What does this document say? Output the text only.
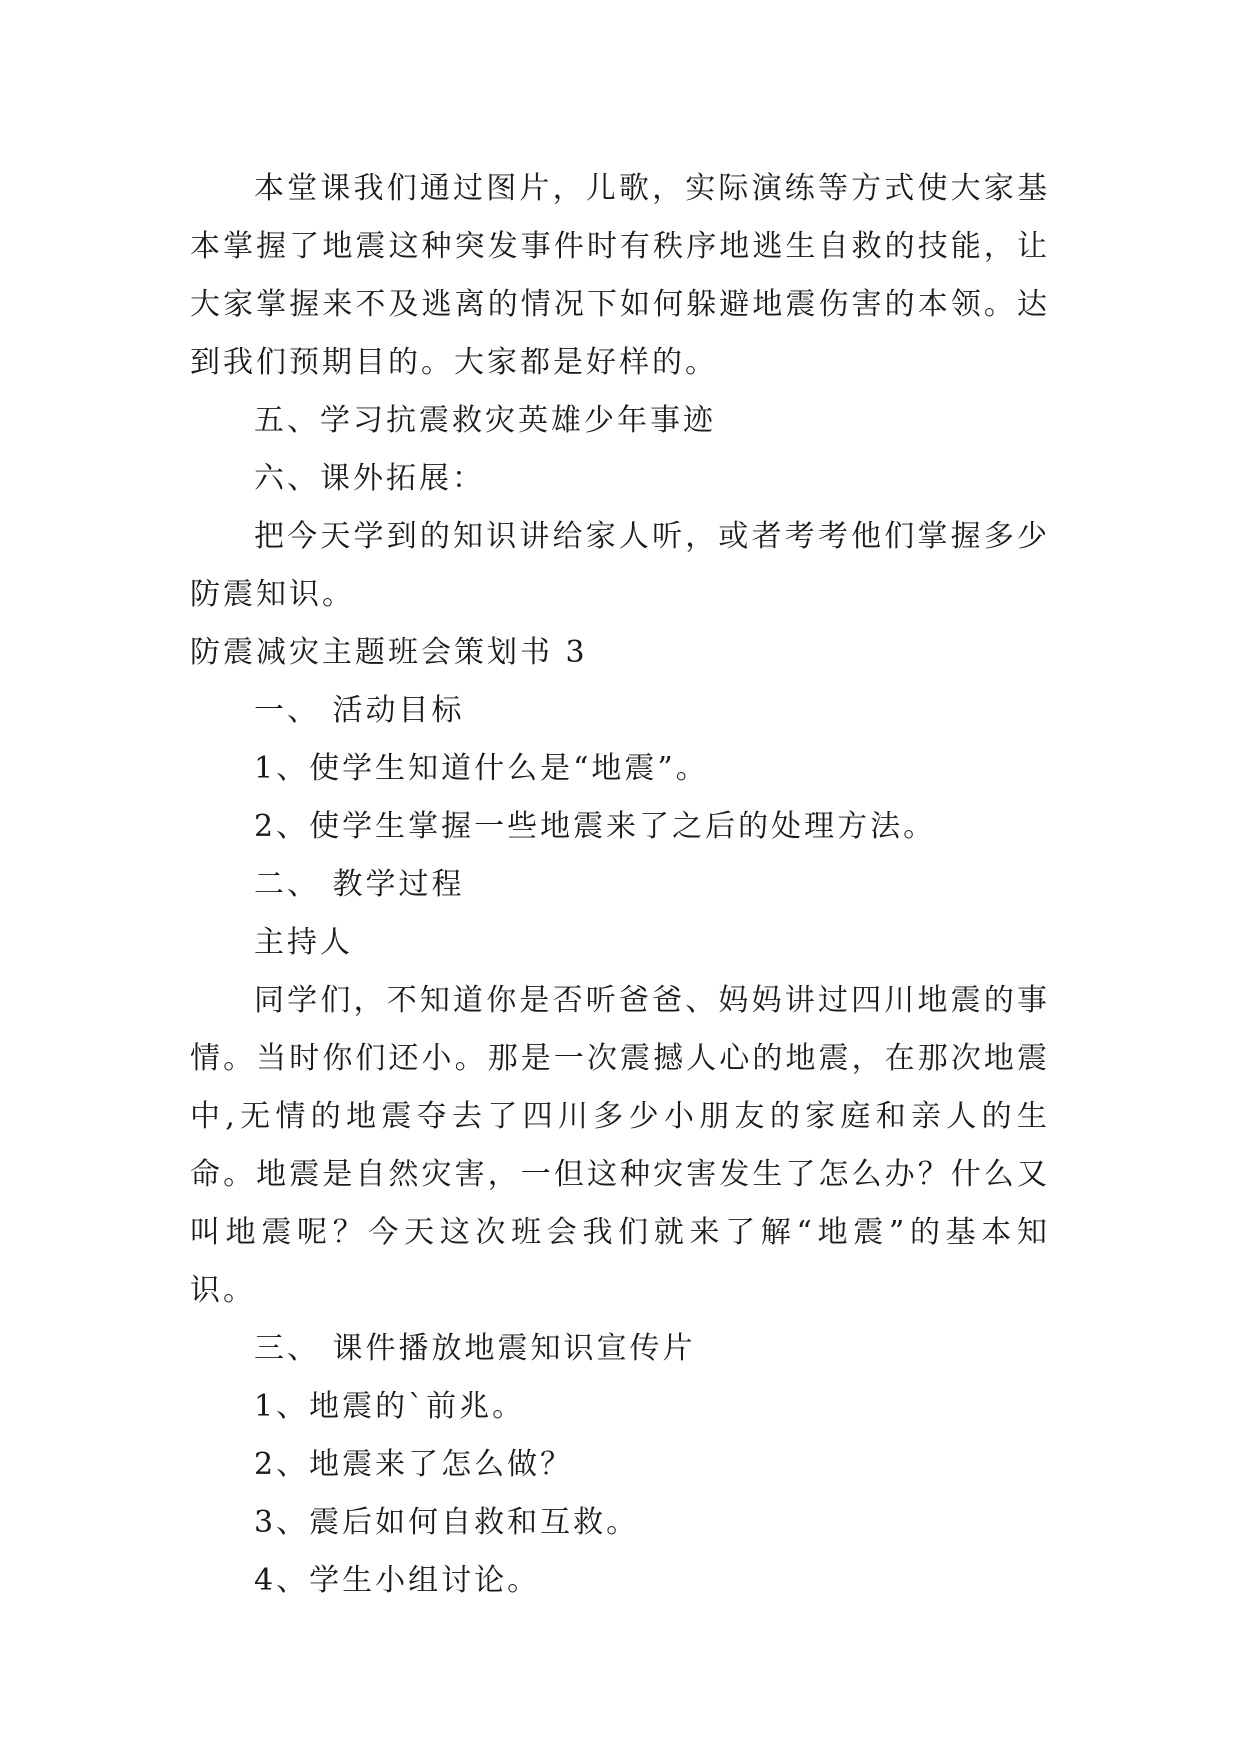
本堂课我们通过图片，儿歌，实际演练等方式使大家基本掌握了地震这种突发事件时有秩序地逃生自救的技能，让大家掌握来不及逃离的情况下如何躲避地震伤害的本领。达到我们预期目的。大家都是好样的。

五、学习抗震救灾英雄少年事迹

六、课外拓展：

把今天学到的知识讲给家人听，或者考考他们掌握多少防震知识。

防震减灾主题班会策划书 3

一、 活动目标

1、使学生知道什么是“地震”。

2、使学生掌握一些地震来了之后的处理方法。

二、 教学过程

主持人

同学们，不知道你是否听爸爸、妈妈讲过四川地震的事情。当时你们还小。那是一次震撼人心的地震，在那次地震中,无情的地震夺去了四川多少小朋友的家庭和亲人的生命。地震是自然灾害，一但这种灾害发生了怎么办？什么又叫地震呢？今天这次班会我们就来了解“地震”的基本知识。

三、 课件播放地震知识宣传片

1、地震的`前兆。

2、地震来了怎么做？

3、震后如何自救和互救。

4、学生小组讨论。
